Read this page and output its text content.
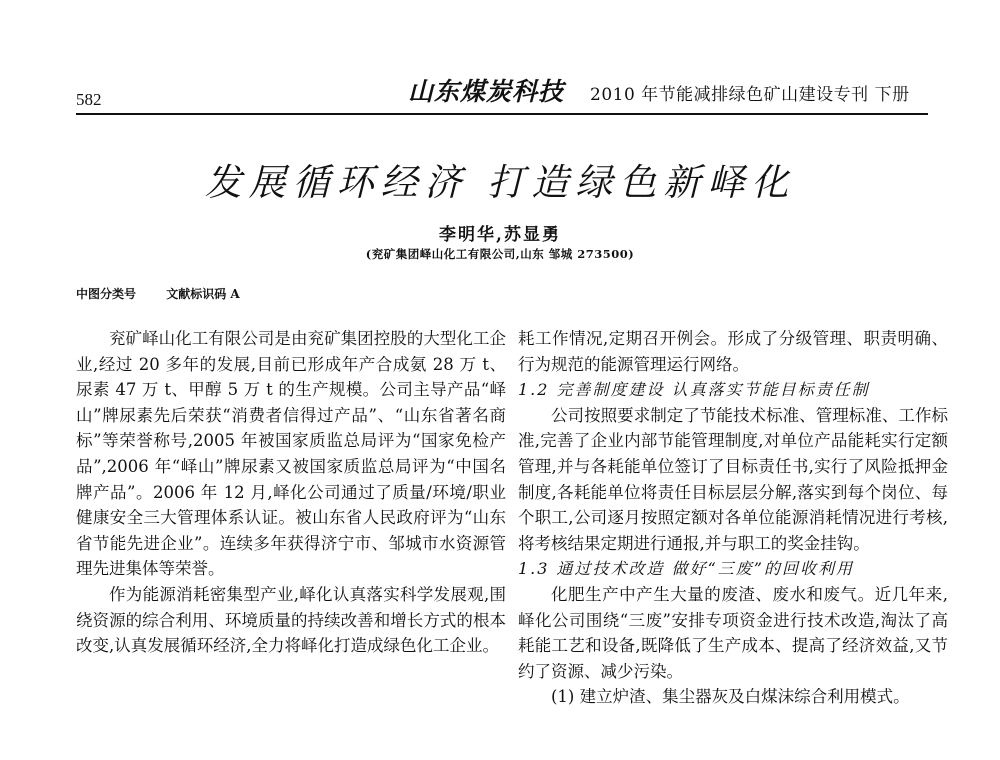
582	山东煤炭科技 2010 年节能减排绿色矿山建设专刊 下册
发展循环经济 打造绿色新峄化
李明华,苏显勇
(兖矿集团峄山化工有限公司,山东 邹城 273500)
中图分类号	文献标识码 A

兖矿峄山化工有限公司是由兖矿集团控股的大型化工企业,经过 20 多年的发展,目前已形成年产合成氨 28 万 t、尿素 47 万 t、甲醇 5 万 t 的生产规模。公司主导产品“峄山”牌尿素先后荣获“消费者信得过产品”、“山东省著名商标”等荣誉称号,2005 年被国家质监总局评为“国家免检产品”,2006 年“峄山”牌尿素又被国家质监总局评为“中国名牌产品”。2006 年 12 月,峄化公司通过了质量/环境/职业健康安全三大管理体系认证。被山东省人民政府评为“山东省节能先进企业”。连续多年获得济宁市、邹城市水资源管理先进集体等荣誉。

作为能源消耗密集型产业,峄化认真落实科学发展观,围绕资源的综合利用、环境质量的持续改善和增长方式的根本改变,认真发展循环经济,全力将峄化打造成绿色化工企业。

耗工作情况,定期召开例会。形成了分级管理、职责明确、行为规范的能源管理运行网络。

1.2 完善制度建设 认真落实节能目标责任制

公司按照要求制定了节能技术标准、管理标准、工作标准,完善了企业内部节能管理制度,对单位产品能耗实行定额管理,并与各耗能单位签订了目标责任书,实行了风险抵押金制度,各耗能单位将责任目标层层分解,落实到每个岗位、每个职工,公司逐月按照定额对各单位能源消耗情况进行考核,将考核结果定期进行通报,并与职工的奖金挂钩。

1.3 通过技术改造 做好“三废”的回收利用

化肥生产中产生大量的废渣、废水和废气。近几年来,峄化公司围绕“三废”安排专项资金进行技术改造,淘汰了高耗能工艺和设备,既降低了生产成本、提高了经济效益,又节约了资源、减少污染。

(1) 建立炉渣、集尘器灰及白煤沫综合利用模式。
